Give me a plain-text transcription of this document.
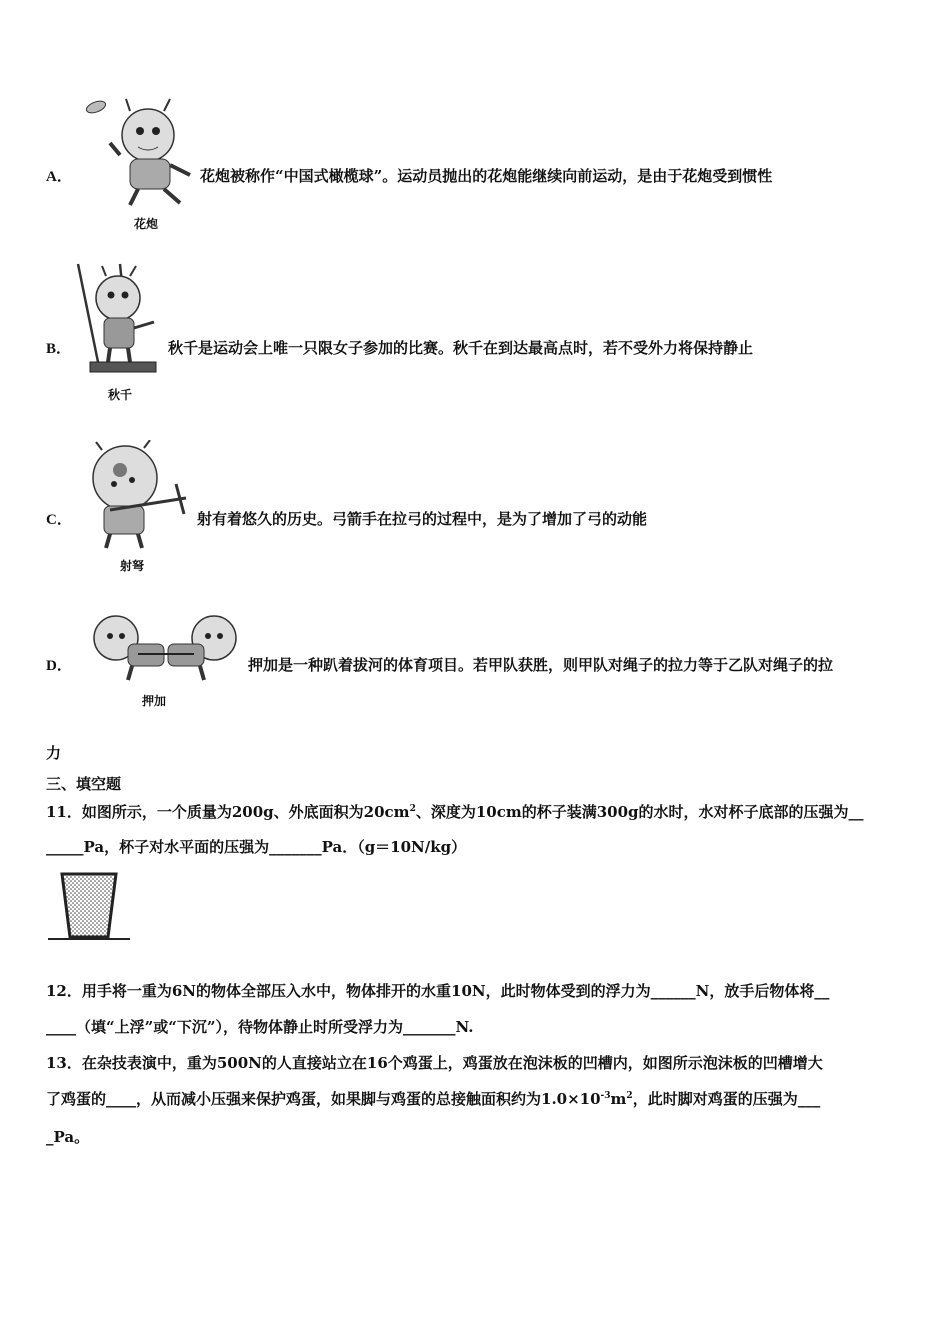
A．
花炮
花炮被称作“中国式橄榄球”。运动员抛出的花炮能继续向前运动，是由于花炮受到惯性
B．
秋千
秋千是运动会上唯一只限女子参加的比赛。秋千在到达最高点时，若不受外力将保持静止
C．
射弩
射有着悠久的历史。弓箭手在拉弓的过程中，是为了增加了弓的动能
D．
押加
押加是一种趴着拔河的体育项目。若甲队获胜，则甲队对绳子的拉力等于乙队对绳子的拉
力
三、填空题
11．如图所示，一个质量为200g、外底面积为$20cm^2$、深度为10cm的杯子装满300g的水时，水对杯子底部的压强为__
_____Pa，杯子对水平面的压强为_______Pa．（g＝10N/kg）
12．用手将一重为6N的物体全部压入水中，物体排开的水重10N，此时物体受到的浮力为______N，放手后物体将__
____（填“上浮”或“下沉”），待物体静止时所受浮力为_______N.
13．在杂技表演中，重为500N的人直接站立在16个鸡蛋上，鸡蛋放在泡沫板的凹槽内，如图所示泡沫板的凹槽增大
了鸡蛋的____，从而减小压强来保护鸡蛋，如果脚与鸡蛋的总接触面积约为$1.0\times 10^{-3}m^2$，此时脚对鸡蛋的压强为___
_Pa。
